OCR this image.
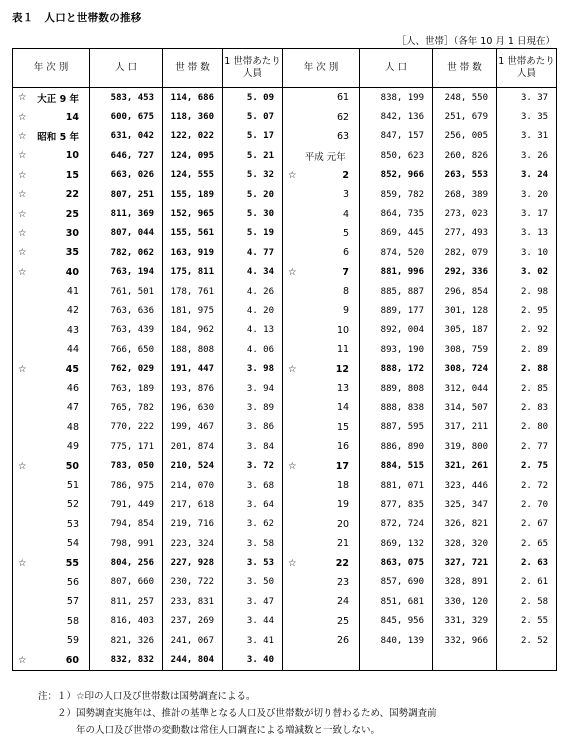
表１　人口と世帯数の推移
［人、世帯］（各年 10 月 1 日現在）
年 次 別		人 口	世 帯 数	1 世帯あたり人員	年 次 別		人 口	世 帯 数	1 世帯あたり人員
☆	大正 9 年	583, 453	114, 686	5. 09		61	838, 199	248, 550	3. 37
☆	14	600, 675	118, 360	5. 07		62	842, 136	251, 679	3. 35
☆	昭和 5 年	631, 042	122, 022	5. 17		63	847, 157	256, 005	3. 31
☆	10	646, 727	124, 095	5. 21		平成 元年	850, 623	260, 826	3. 26
☆	15	663, 026	124, 555	5. 32	☆	2	852, 966	263, 553	3. 24
☆	22	807, 251	155, 189	5. 20		3	859, 782	268, 389	3. 20
☆	25	811, 369	152, 965	5. 30		4	864, 735	273, 023	3. 17
☆	30	807, 044	155, 561	5. 19		5	869, 445	277, 493	3. 13
☆	35	782, 062	163, 919	4. 77		6	874, 520	282, 079	3. 10
☆	40	763, 194	175, 811	4. 34	☆	7	881, 996	292, 336	3. 02
	41	761, 501	178, 761	4. 26		8	885, 887	296, 854	2. 98
	42	763, 636	181, 975	4. 20		9	889, 177	301, 128	2. 95
	43	763, 439	184, 962	4. 13		10	892, 004	305, 187	2. 92
	44	766, 650	188, 808	4. 06		11	893, 190	308, 759	2. 89
☆	45	762, 029	191, 447	3. 98	☆	12	888, 172	308, 724	2. 88
	46	763, 189	193, 876	3. 94		13	889, 808	312, 044	2. 85
	47	765, 782	196, 630	3. 89		14	888, 838	314, 507	2. 83
	48	770, 222	199, 467	3. 86		15	887, 595	317, 211	2. 80
	49	775, 171	201, 874	3. 84		16	886, 890	319, 800	2. 77
☆	50	783, 050	210, 524	3. 72	☆	17	884, 515	321, 261	2. 75
	51	786, 975	214, 070	3. 68		18	881, 071	323, 446	2. 72
	52	791, 449	217, 618	3. 64		19	877, 835	325, 347	2. 70
	53	794, 854	219, 716	3. 62		20	872, 724	326, 821	2. 67
	54	798, 991	223, 324	3. 58		21	869, 132	328, 320	2. 65
☆	55	804, 256	227, 928	3. 53	☆	22	863, 075	327, 721	2. 63
	56	807, 660	230, 722	3. 50		23	857, 690	328, 891	2. 61
	57	811, 257	233, 831	3. 47		24	851, 681	330, 120	2. 58
	58	816, 403	237, 269	3. 44		25	845, 956	331, 329	2. 55
	59	821, 326	241, 067	3. 41		26	840, 139	332, 966	2. 52
☆	60	832, 832	244, 804	3. 40					
注：１）☆印の人口及び世帯数は国勢調査による。
　　２）国勢調査実施年は、推計の基準となる人口及び世帯数が切り替わるため、国勢調査前
　　　　年の人口及び世帯の変動数は常住人口調査による増減数と一致しない。
